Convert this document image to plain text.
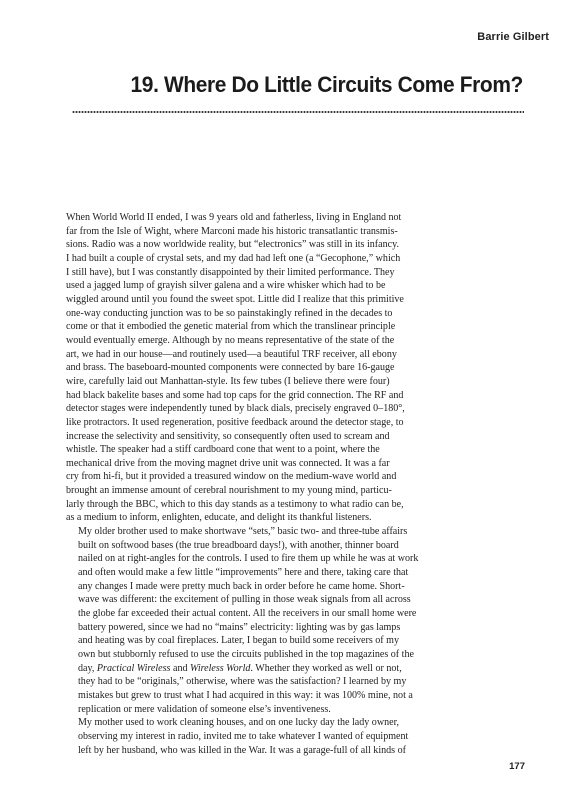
Barrie Gilbert
19. Where Do Little Circuits Come From?

When World World II ended, I was 9 years old and fatherless, living in England not
far from the Isle of Wight, where Marconi made his historic transatlantic transmis-
sions. Radio was a now worldwide reality, but “electronics” was still in its infancy.
I had built a couple of crystal sets, and my dad had left one (a “Gecophone,” which
I still have), but I was constantly disappointed by their limited performance. They
used a jagged lump of grayish silver galena and a wire whisker which had to be
wiggled around until you found the sweet spot. Little did I realize that this primitive
one-way conducting junction was to be so painstakingly refined in the decades to
come or that it embodied the genetic material from which the translinear principle
would eventually emerge. Although by no means representative of the state of the
art, we had in our house—and routinely used—a beautiful TRF receiver, all ebony
and brass. The baseboard-mounted components were connected by bare 16-gauge
wire, carefully laid out Manhattan-style. Its few tubes (I believe there were four)
had black bakelite bases and some had top caps for the grid connection. The RF and
detector stages were independently tuned by black dials, precisely engraved 0–180°,
like protractors. It used regeneration, positive feedback around the detector stage, to
increase the selectivity and sensitivity, so consequently often used to scream and
whistle. The speaker had a stiff cardboard cone that went to a point, where the
mechanical drive from the moving magnet drive unit was connected. It was a far
cry from hi-fi, but it provided a treasured window on the medium-wave world and
brought an immense amount of cerebral nourishment to my young mind, particu-
larly through the BBC, which to this day stands as a testimony to what radio can be,
as a medium to inform, enlighten, educate, and delight its thankful listeners.

My older brother used to make shortwave “sets,” basic two- and three-tube affairs
built on softwood bases (the true breadboard days!), with another, thinner board
nailed on at right-angles for the controls. I used to fire them up while he was at work
and often would make a few little “improvements” here and there, taking care that
any changes I made were pretty much back in order before he came home. Short-
wave was different: the excitement of pulling in those weak signals from all across
the globe far exceeded their actual content. All the receivers in our small home were
battery powered, since we had no “mains” electricity: lighting was by gas lamps
and heating was by coal fireplaces. Later, I began to build some receivers of my
own but stubbornly refused to use the circuits published in the top magazines of the
day, Practical Wireless and Wireless World. Whether they worked as well or not,
they had to be “originals,” otherwise, where was the satisfaction? I learned by my
mistakes but grew to trust what I had acquired in this way: it was 100% mine, not a
replication or mere validation of someone else’s inventiveness.

My mother used to work cleaning houses, and on one lucky day the lady owner,
observing my interest in radio, invited me to take whatever I wanted of equipment
left by her husband, who was killed in the War. It was a garage-full of all kinds of

177
